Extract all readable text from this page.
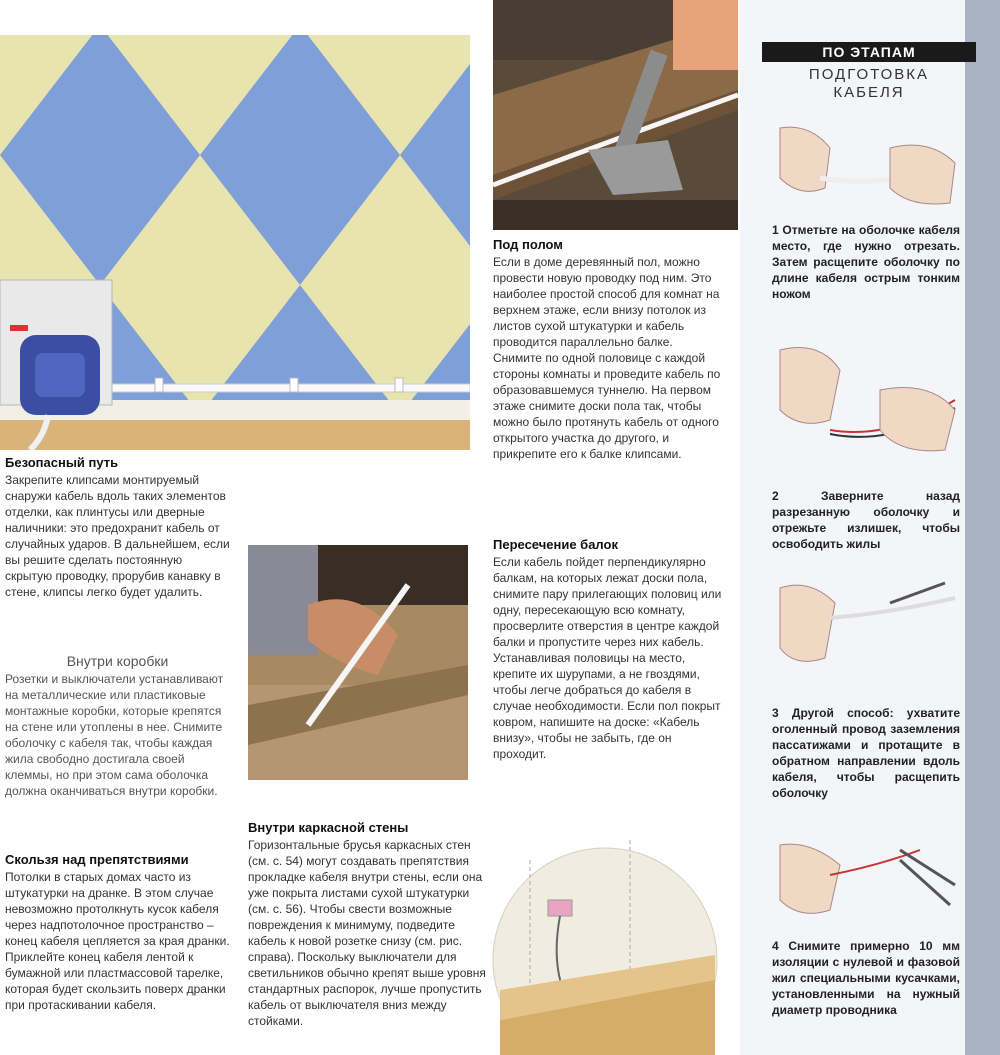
ПО ЭТАПАМ
ПОДГОТОВКА
КАБЕЛЯ
1 Отметьте на оболочке кабеля место, где нужно отрезать. Затем расщепите оболочку по длине кабеля острым тонким ножом
2 Заверните назад разрезанную оболочку и отрежьте излишек, чтобы освободить жилы
3 Другой способ: ухватите оголенный провод заземления пассатижами и протащите в обратном направлении вдоль кабеля, чтобы расщепить оболочку
4 Снимите примерно 10 мм изоляции с нулевой и фазовой жил специальными кусачками, установленными на нужный диаметр проводника
Безопасный путь

Закрепите клипсами монтируемый снаружи кабель вдоль таких элементов отделки, как плинтусы или дверные наличники: это предохранит кабель от случайных ударов. В дальнейшем, если вы решите сделать постоянную скрытую проводку, прорубив канавку в стене, клипсы легко будет удалить.

Внутри коробки

Розетки и выключатели устанавливают на металлические или пластиковые монтажные коробки, которые крепятся на стене или утоплены в нее. Снимите оболочку с кабеля так, чтобы каждая жила свободно достигала своей клеммы, но при этом сама оболочка должна оканчиваться внутри коробки.

Скользя над препятствиями

Потолки в старых домах часто из штукатурки на дранке. В этом случае невозможно протолкнуть кусок кабеля через надпотолочное пространство – конец кабеля цепляется за края дранки. Приклейте конец кабеля лентой к бумажной или пластмассовой тарелке, которая будет скользить поверх дранки при протаскивании кабеля.

Под полом

Если в доме деревянный пол, можно провести новую проводку под ним. Это наиболее простой способ для комнат на верхнем этаже, если внизу потолок из листов сухой штукатурки и кабель проводится параллельно балке. Снимите по одной половице с каждой стороны комнаты и проведите кабель по образовавшемуся туннелю. На первом этаже снимите доски пола так, чтобы можно было протянуть кабель от одного открытого участка до другого, и прикрепите его к балке клипсами.

Пересечение балок

Если кабель пойдет перпендикулярно балкам, на которых лежат доски пола, снимите пару прилегающих половиц или одну, пересекающую всю комнату, просверлите отверстия в центре каждой балки и пропустите через них кабель. Устанавливая половицы на место, крепите их шурупами, а не гвоздями, чтобы легче добраться до кабеля в случае необходимости. Если пол покрыт ковром, напишите на доске: «Кабель внизу», чтобы не забыть, где он проходит.

Внутри каркасной стены

Горизонтальные брусья каркасных стен (см. с. 54) могут создавать препятствия прокладке кабеля внутри стены, если она уже покрыта листами сухой штукатурки (см. с. 56). Чтобы свести возможные повреждения к минимуму, подведите кабель к новой розетке снизу (см. рис. справа). Поскольку выключатели для светильников обычно крепят выше уровня стандартных распорок, лучше пропустить кабель от выключателя вниз между стойками.
